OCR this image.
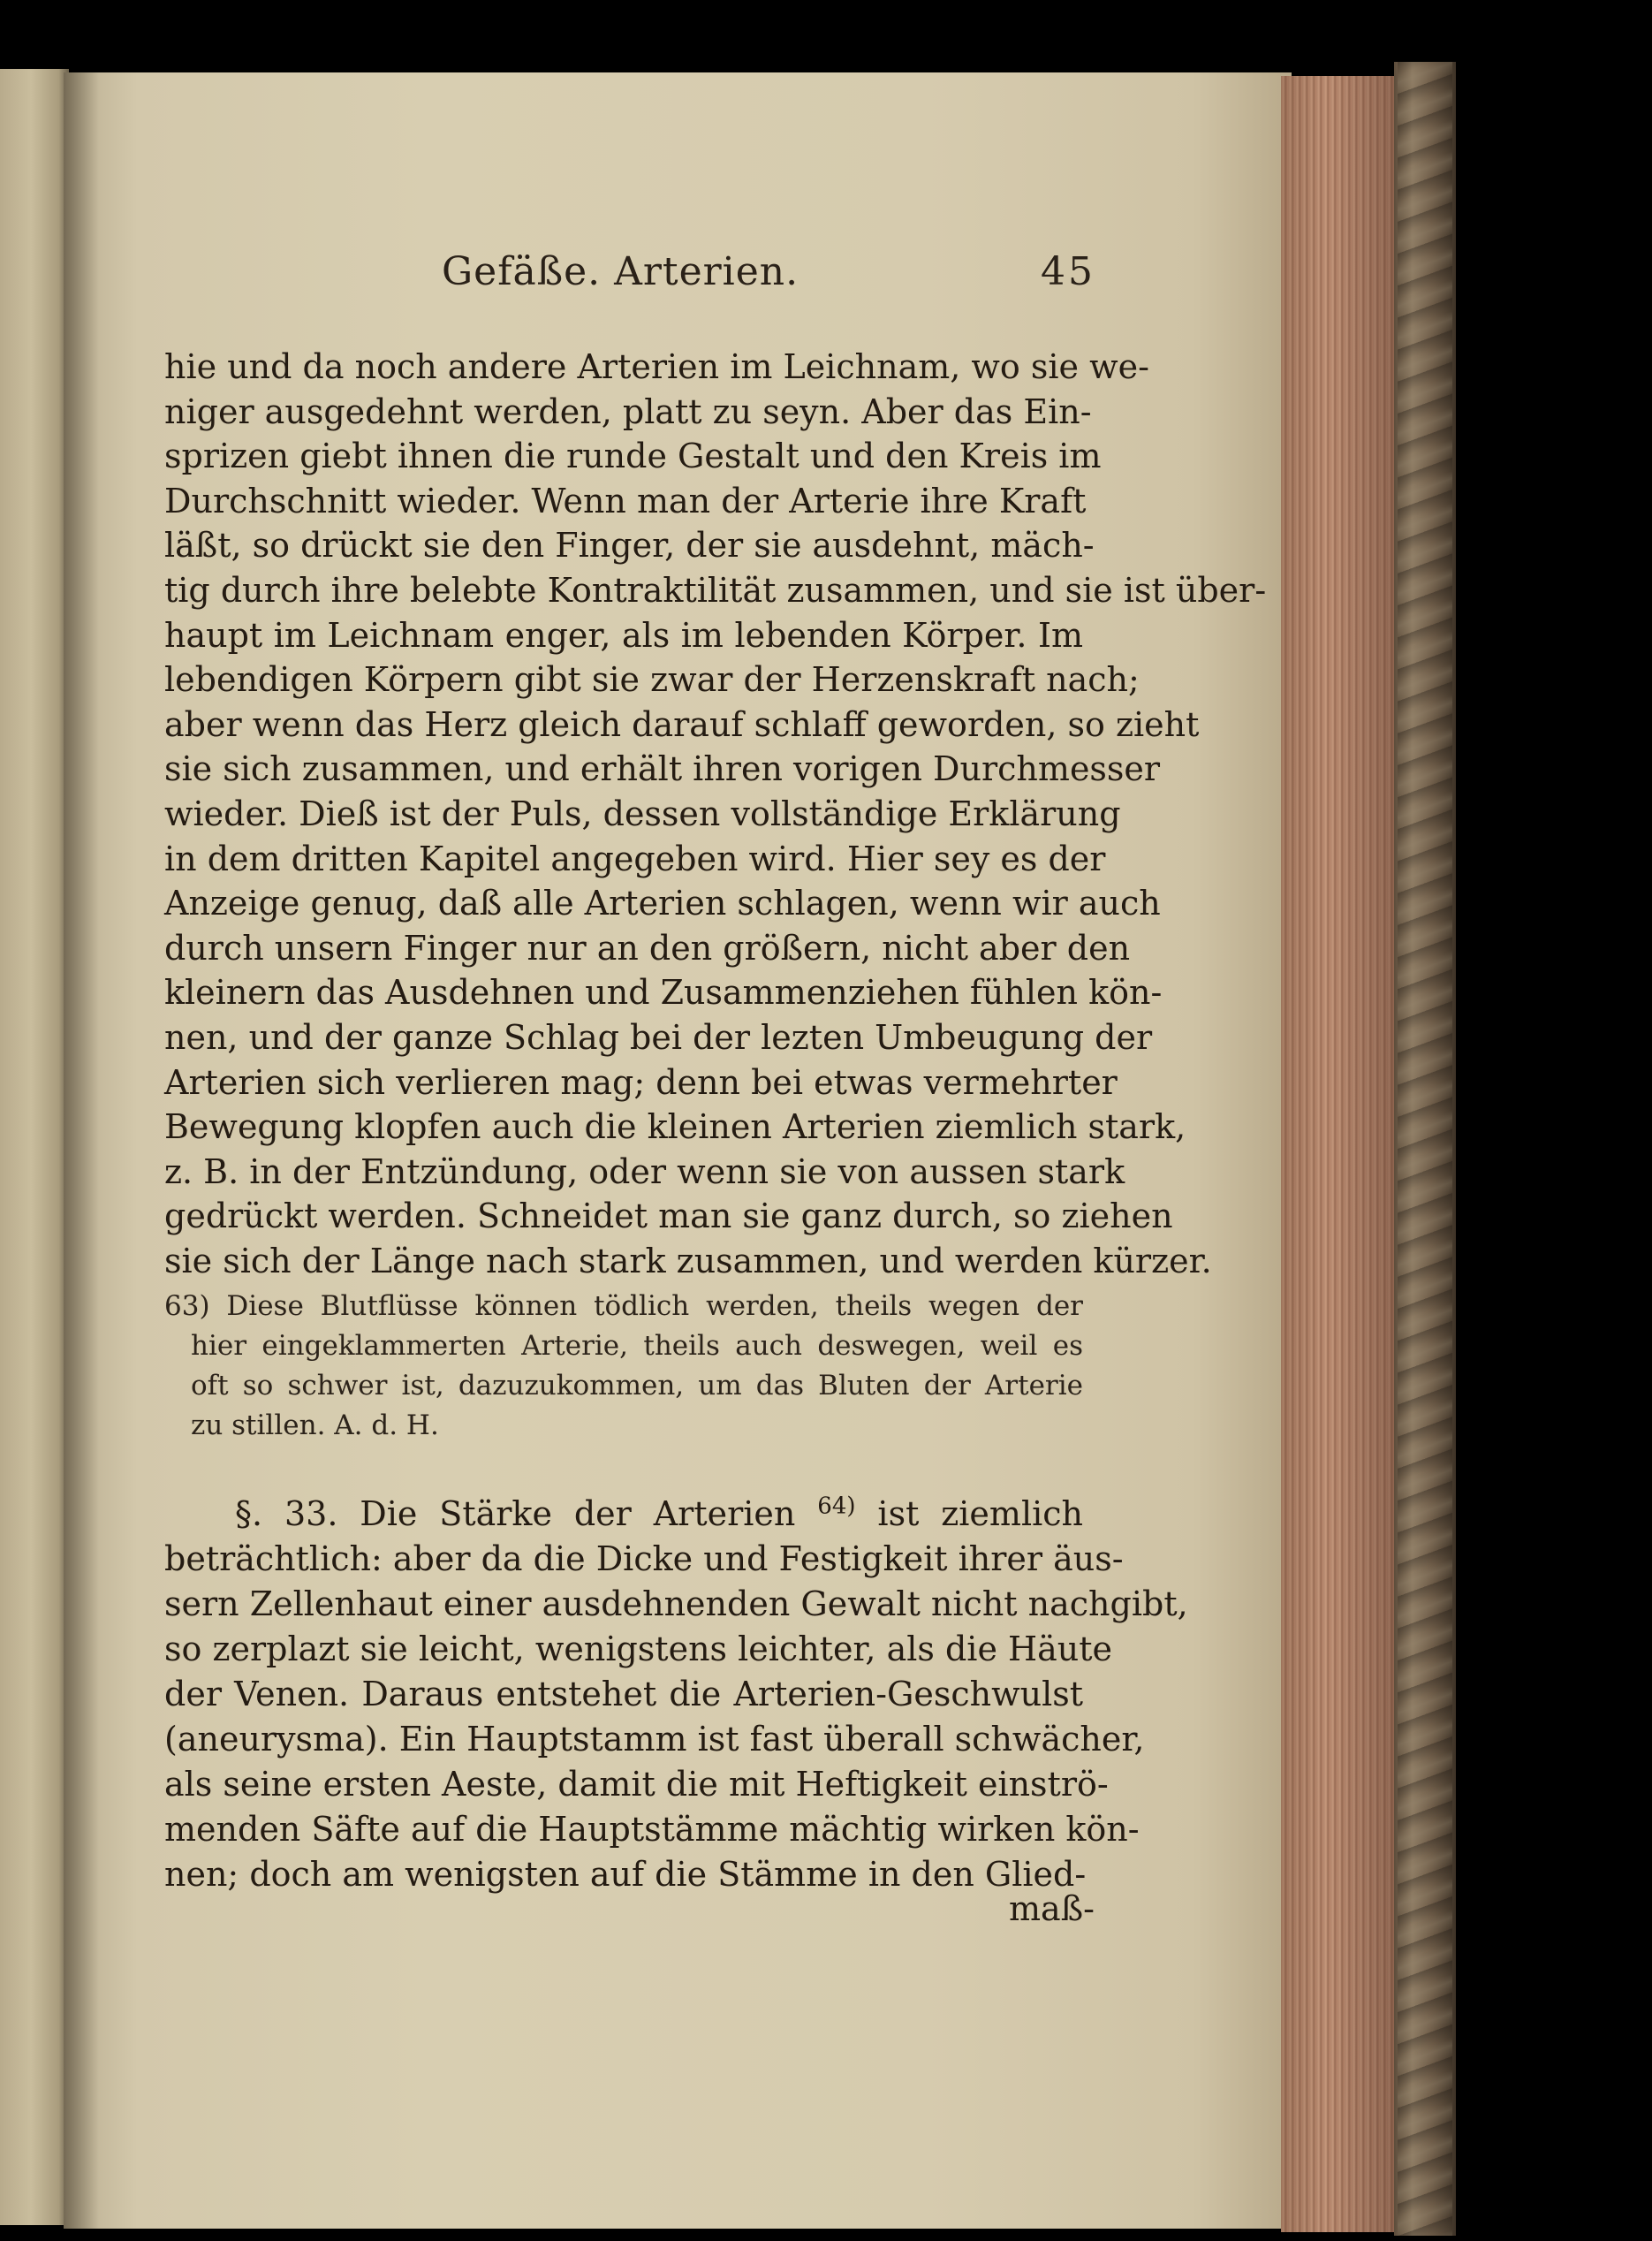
Gefäße. Arterien.	45
hie und da noch andere Arterien im Leichnam, wo sie we-
niger ausgedehnt werden, platt zu seyn. Aber das Ein-
sprizen giebt ihnen die runde Gestalt und den Kreis im
Durchschnitt wieder. Wenn man der Arterie ihre Kraft
läßt, so drückt sie den Finger, der sie ausdehnt, mäch-
tig durch ihre belebte Kontraktilität zusammen, und sie ist über-
haupt im Leichnam enger, als im lebenden Körper. Im
lebendigen Körpern gibt sie zwar der Herzenskraft nach;
aber wenn das Herz gleich darauf schlaff geworden, so zieht
sie sich zusammen, und erhält ihren vorigen Durchmesser
wieder. Dieß ist der Puls, dessen vollständige Erklärung
in dem dritten Kapitel angegeben wird. Hier sey es der
Anzeige genug, daß alle Arterien schlagen, wenn wir auch
durch unsern Finger nur an den größern, nicht aber den
kleinern das Ausdehnen und Zusammenziehen fühlen kön-
nen, und der ganze Schlag bei der lezten Umbeugung der
Arterien sich verlieren mag; denn bei etwas vermehrter
Bewegung klopfen auch die kleinen Arterien ziemlich stark,
z. B. in der Entzündung, oder wenn sie von aussen stark
gedrückt werden. Schneidet man sie ganz durch, so ziehen
sie sich der Länge nach stark zusammen, und werden kürzer.
63) Diese Blutflüsse können tödlich werden, theils wegen der
hier eingeklammerten Arterie, theils auch deswegen, weil es
oft so schwer ist, dazuzukommen, um das Bluten der Arterie
zu stillen. A. d. H.
§. 33. Die Stärke der Arterien $^{64)}$ ist ziemlich
beträchtlich: aber da die Dicke und Festigkeit ihrer äus-
sern Zellenhaut einer ausdehnenden Gewalt nicht nachgibt,
so zerplazt sie leicht, wenigstens leichter, als die Häute
der Venen. Daraus entstehet die Arterien-Geschwulst
(aneurysma). Ein Hauptstamm ist fast überall schwächer,
als seine ersten Aeste, damit die mit Heftigkeit einströ-
menden Säfte auf die Hauptstämme mächtig wirken kön-
nen; doch am wenigsten auf die Stämme in den Glied-
maß-
